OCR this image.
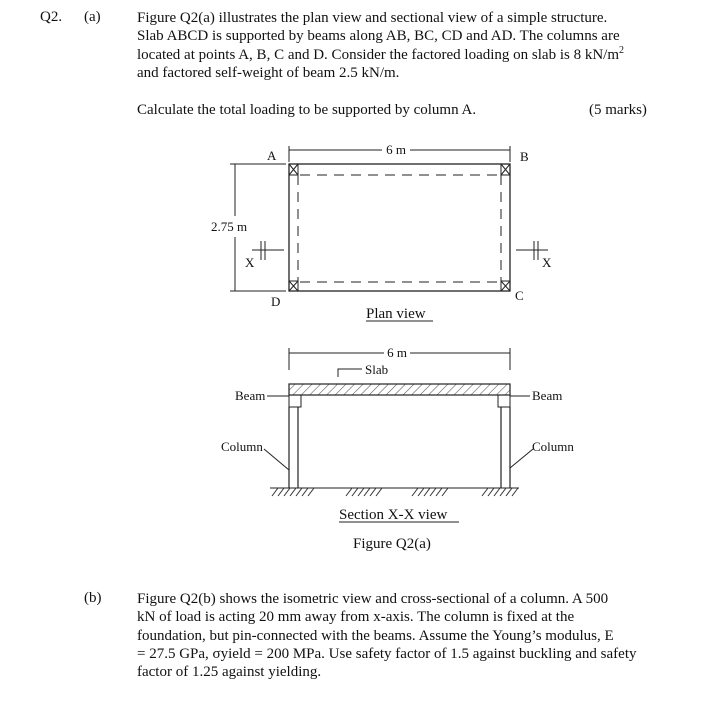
Q2. (a) Figure Q2(a) illustrates the plan view and sectional view of a simple structure.
Slab ABCD is supported by beams along AB, BC, CD and AD. The columns are
located at points A, B, C and D. Consider the factored loading on slab is 8 $kN/m^2$
and factored self-weight of beam 2.5 kN/m.
Calculate the total loading to be supported by column A.	(5 marks)
A	B
C
D
6 m
2.75 m
X	X
Plan view
6 m
Slab
Beam	Beam
Column	Column
Section X-X view
Figure Q2(a)
(b) Figure Q2(b) shows the isometric view and cross-sectional of a column. A 500
kN of load is acting 20 mm away from x-axis. The column is fixed at the
foundation, but pin-connected with the beams. Assume the Young’s modulus, E
= 27.5 GPa, σyield = 200 MPa. Use safety factor of 1.5 against buckling and safety
factor of 1.25 against yielding.
